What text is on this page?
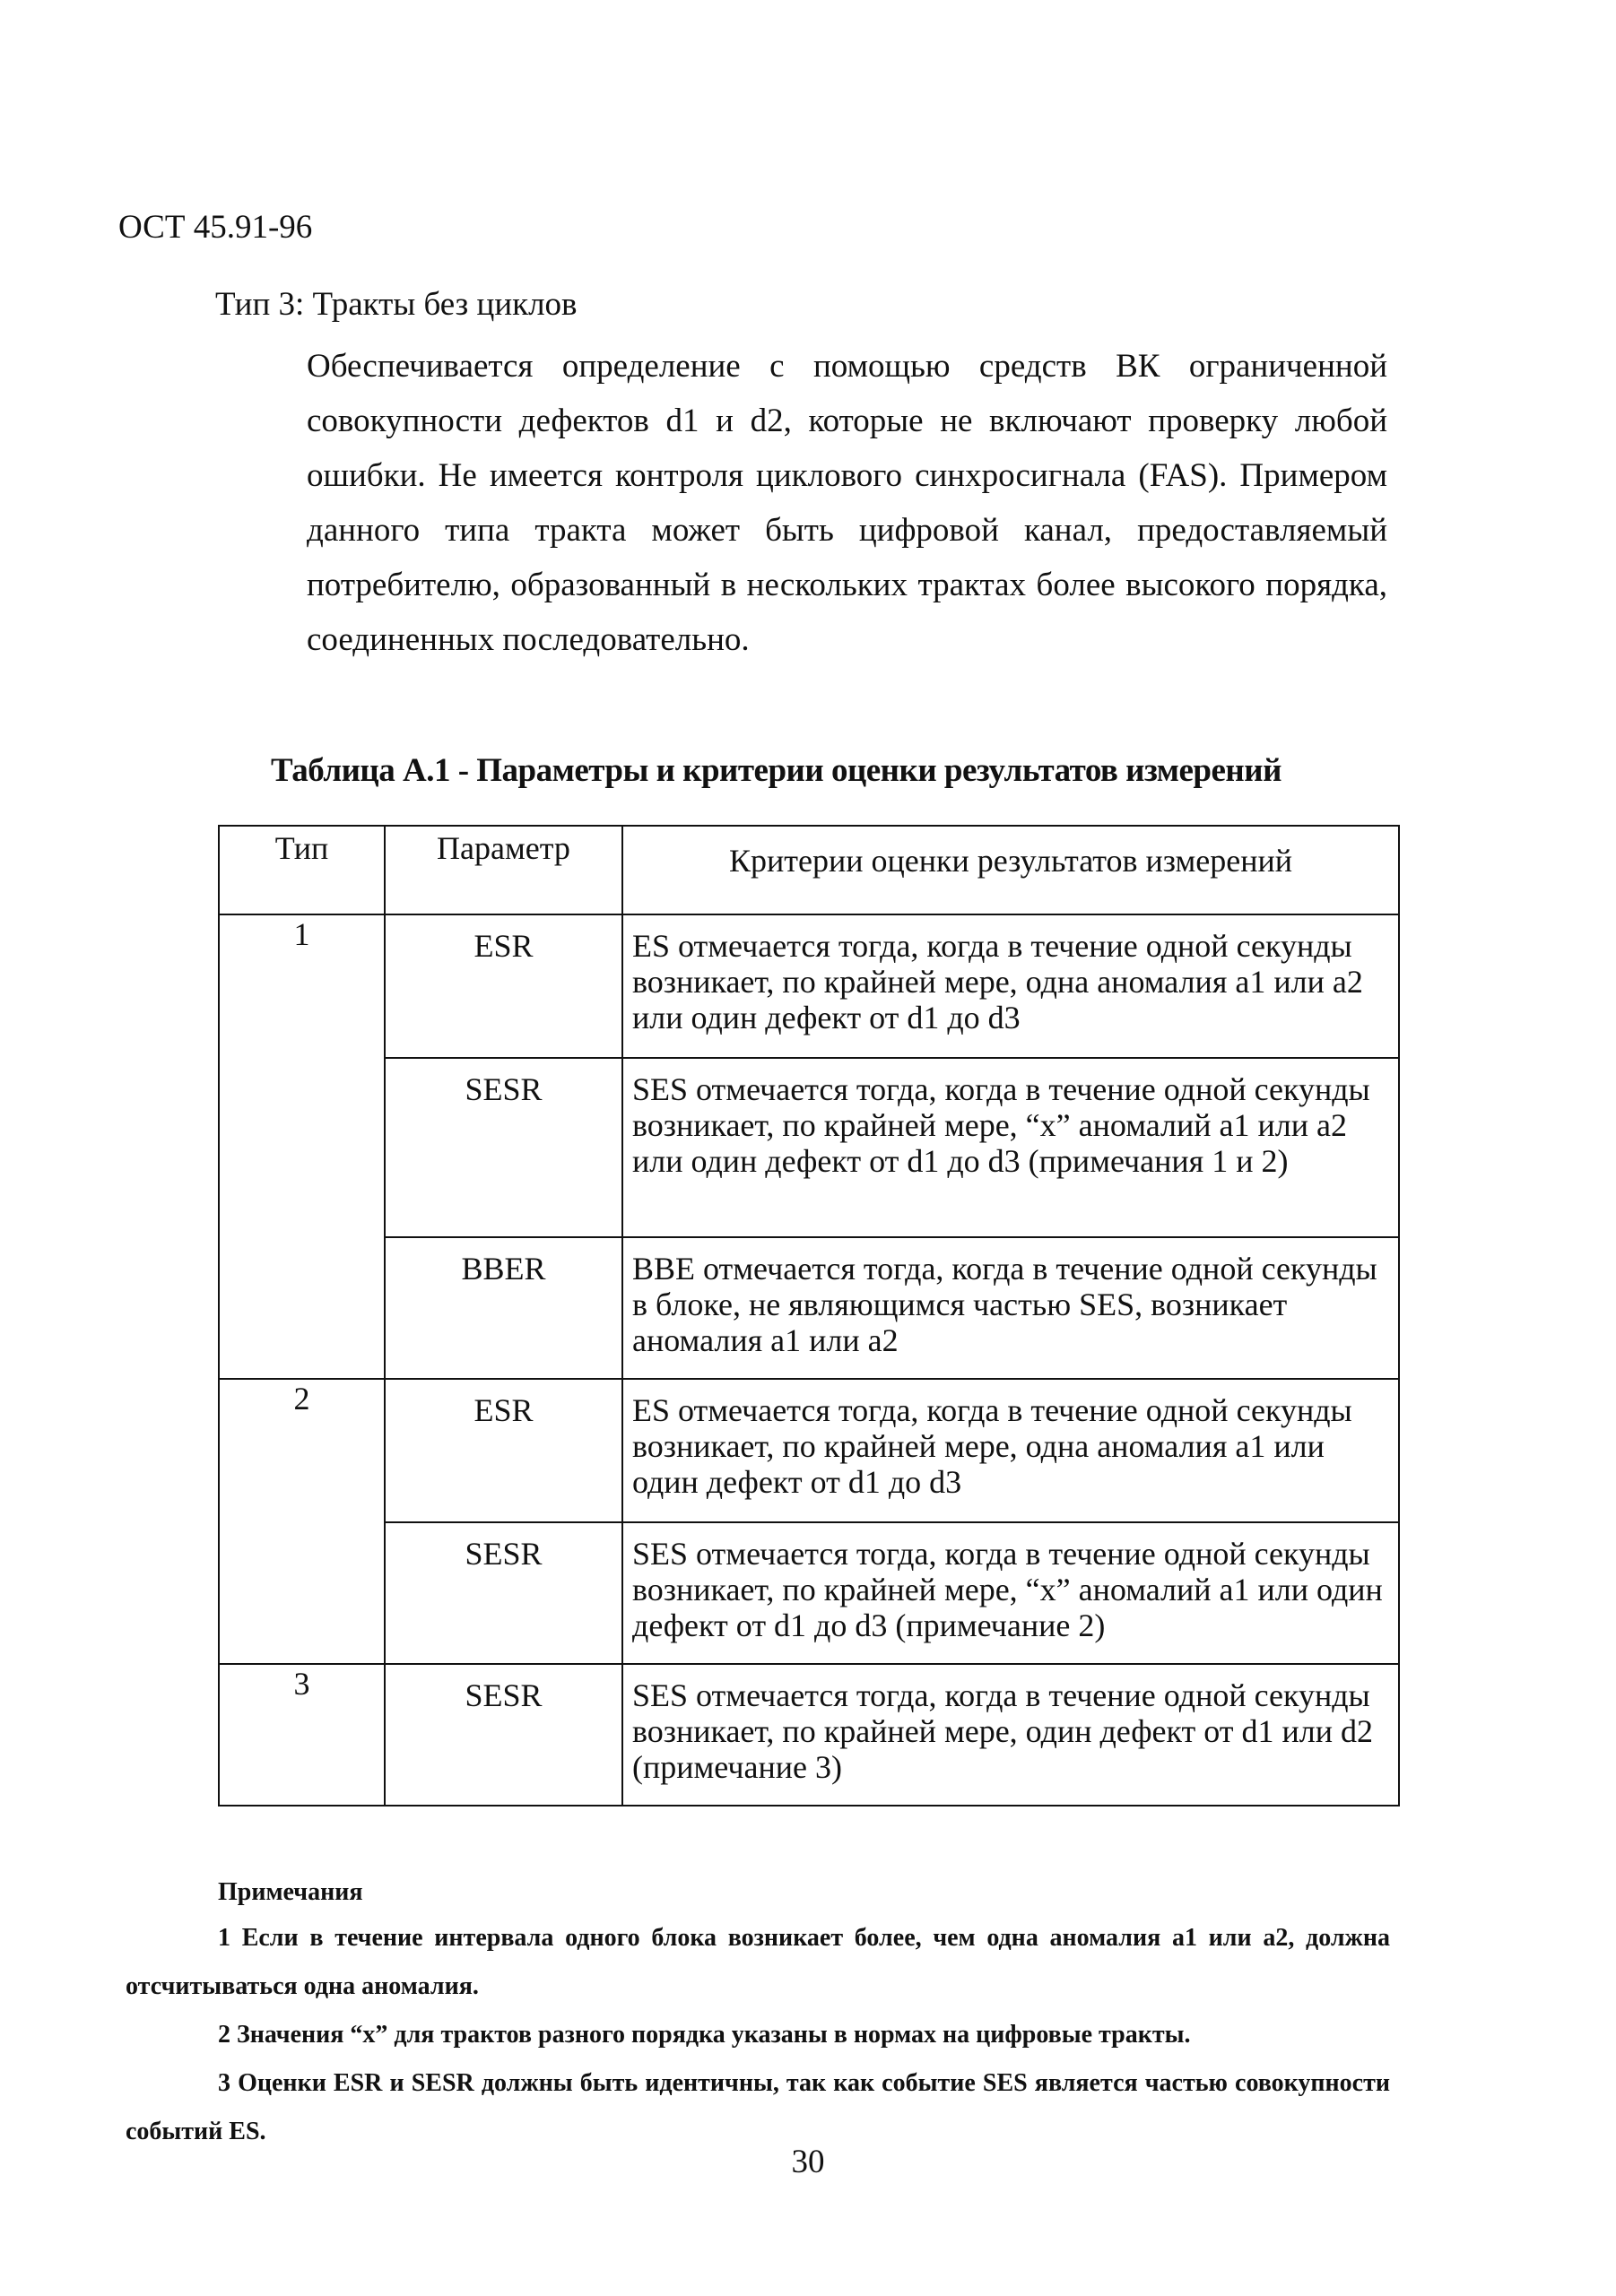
ОСТ 45.91-96
Тип 3: Тракты без циклов
Обеспечивается определение с помощью средств ВК ограниченной совокупности дефектов d1 и d2, которые не включают проверку любой ошибки. Не имеется контроля циклового синхросигнала (FAS). Примером данного типа тракта может быть цифровой канал, предоставляемый потребителю, образованный в нескольких трактах более высокого порядка, соединенных последовательно.
Таблица А.1 - Параметры и критерии оценки результатов измерений
Тип	Параметр	Критерии оценки результатов измерений
1	ESR	ES отмечается тогда, когда в течение одной секунды возникает, по крайней мере, одна аномалия a1 или a2 или один дефект от d1 до d3
	SESR	SES отмечается тогда, когда в течение одной секунды возникает, по крайней мере, “x” аномалий a1 или a2 или один дефект от d1 до d3 (примечания 1 и 2)
	BBER	BBE отмечается тогда, когда в течение одной секунды в блоке, не являющимся частью SES, возникает аномалия a1 или a2
2	ESR	ES отмечается тогда, когда в течение одной секунды возникает, по крайней мере, одна аномалия a1 или один дефект от d1 до d3
	SESR	SES отмечается тогда, когда в течение одной секунды возникает, по крайней мере, “x” аномалий a1 или один дефект от d1 до d3 (примечание 2)
3	SESR	SES отмечается тогда, когда в течение одной секунды возникает, по крайней мере, один дефект от d1 или d2 (примечание 3)
Примечания

1 Если в течение интервала одного блока возникает более, чем одна аномалия a1 или a2, должна отсчитываться одна аномалия.

2 Значения “x” для трактов разного порядка указаны в нормах на цифровые тракты.

3 Оценки ESR и SESR должны быть идентичны, так как событие SES является частью совокупности событий ES.

30
